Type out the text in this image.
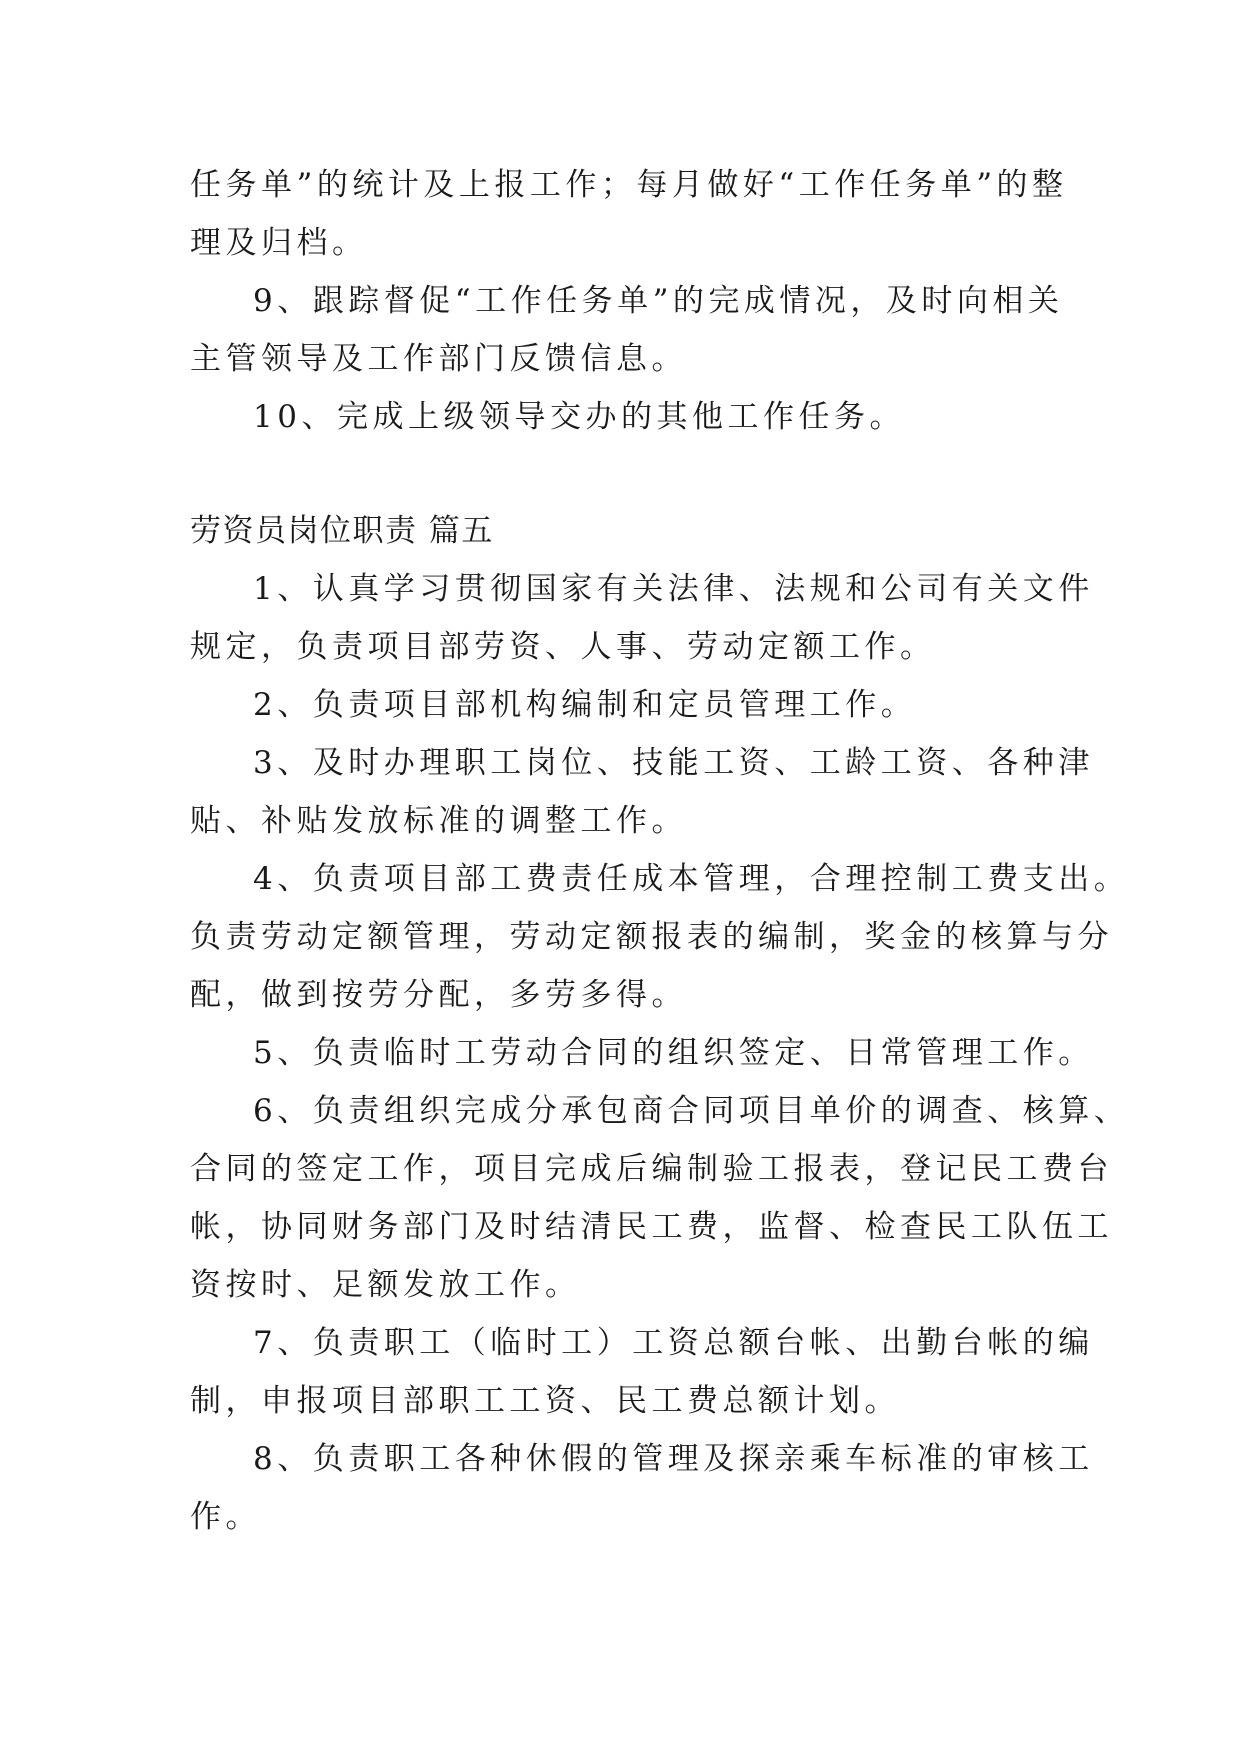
任务单”的统计及上报工作；每月做好“工作任务单”的整
理及归档。
9、跟踪督促“工作任务单”的完成情况，及时向相关
主管领导及工作部门反馈信息。
10、完成上级领导交办的其他工作任务。
劳资员岗位职责 篇五
1、认真学习贯彻国家有关法律、法规和公司有关文件
规定，负责项目部劳资、人事、劳动定额工作。
2、负责项目部机构编制和定员管理工作。
3、及时办理职工岗位、技能工资、工龄工资、各种津
贴、补贴发放标准的调整工作。
4、负责项目部工费责任成本管理，合理控制工费支出。
负责劳动定额管理，劳动定额报表的编制，奖金的核算与分
配，做到按劳分配，多劳多得。
5、负责临时工劳动合同的组织签定、日常管理工作。
6、负责组织完成分承包商合同项目单价的调查、核算、
合同的签定工作，项目完成后编制验工报表，登记民工费台
帐，协同财务部门及时结清民工费，监督、检查民工队伍工
资按时、足额发放工作。
7、负责职工（临时工）工资总额台帐、出勤台帐的编
制，申报项目部职工工资、民工费总额计划。
8、负责职工各种休假的管理及探亲乘车标准的审核工
作。
